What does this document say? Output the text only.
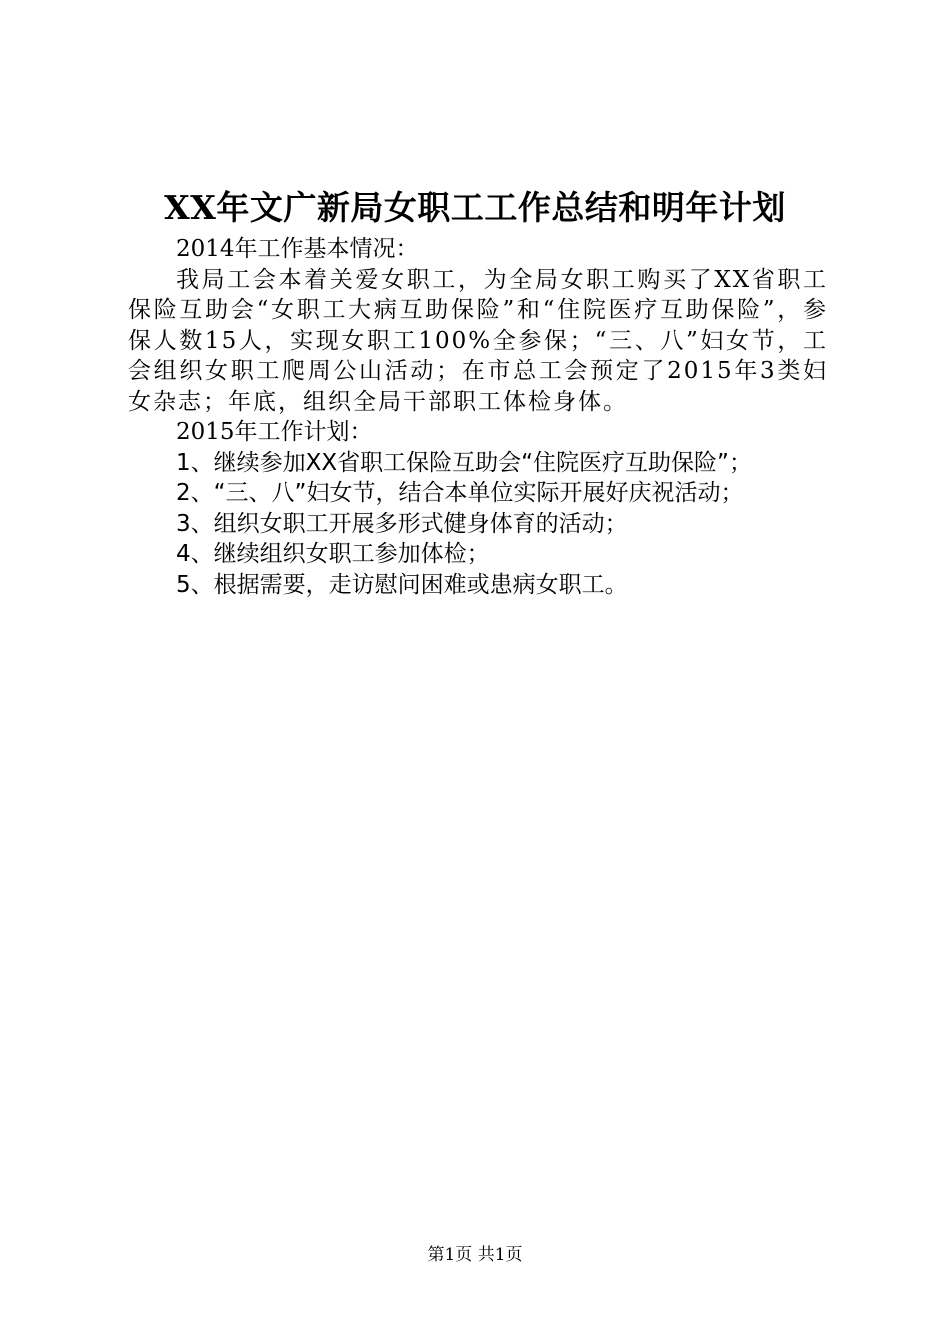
XX年文广新局女职工工作总结和明年计划

2014年工作基本情况：

我局工会本着关爱女职工，为全局女职工购买了XX省职工保险互助会“女职工大病互助保险”和“住院医疗互助保险”，参保人数15人，实现女职工100%全参保；“三、八”妇女节，工会组织女职工爬周公山活动；在市总工会预定了2015年3类妇女杂志；年底，组织全局干部职工体检身体。

2015年工作计划：

1、继续参加XX省职工保险互助会“住院医疗互助保险”；
2、“三、八”妇女节，结合本单位实际开展好庆祝活动；
3、组织女职工开展多形式健身体育的活动；
4、继续组织女职工参加体检；
5、根据需要，走访慰问困难或患病女职工。
第1页 共1页
